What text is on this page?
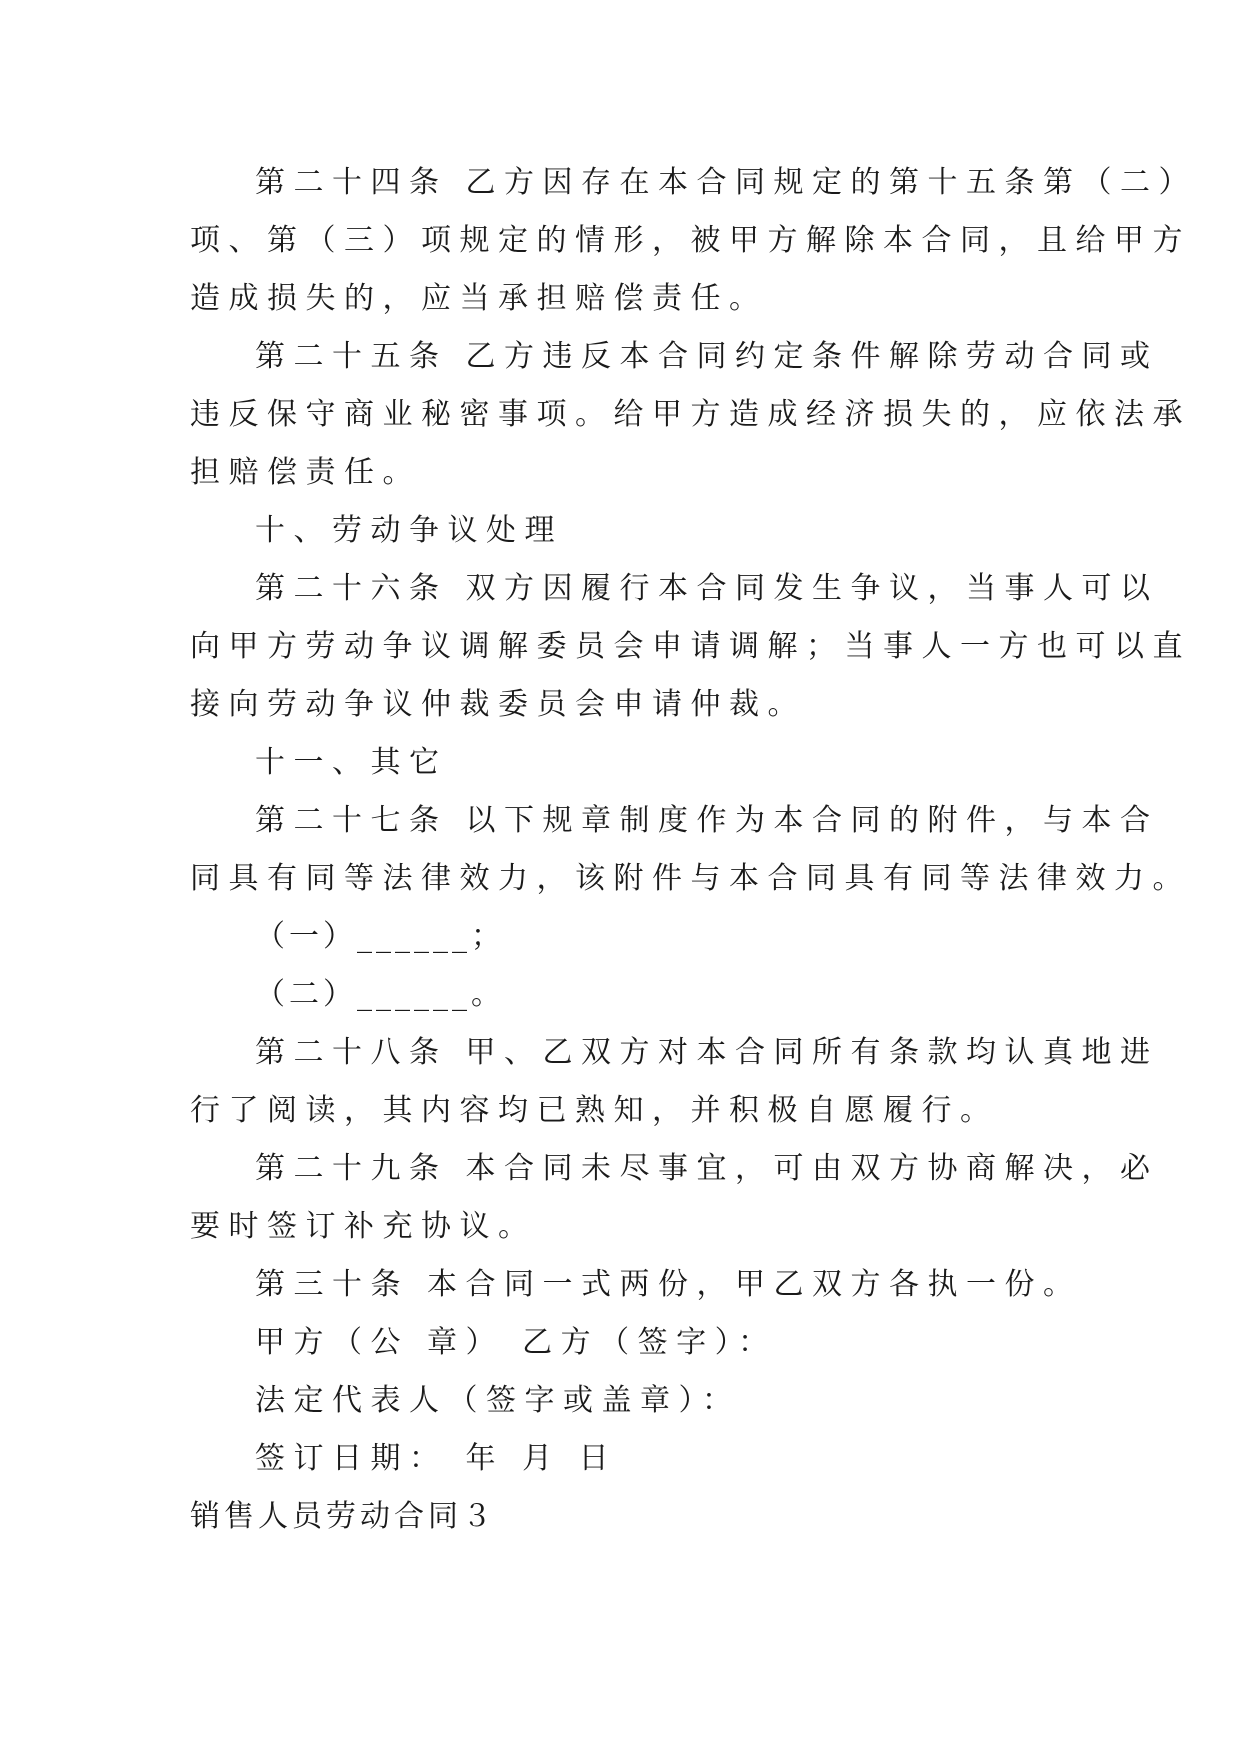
第二十四条 乙方因存在本合同规定的第十五条第（二）
项、第（三）项规定的情形，被甲方解除本合同，且给甲方
造成损失的，应当承担赔偿责任。
第二十五条 乙方违反本合同约定条件解除劳动合同或
违反保守商业秘密事项。给甲方造成经济损失的，应依法承
担赔偿责任。
十、劳动争议处理
第二十六条 双方因履行本合同发生争议，当事人可以
向甲方劳动争议调解委员会申请调解；当事人一方也可以直
接向劳动争议仲裁委员会申请仲裁。
十一、其它
第二十七条 以下规章制度作为本合同的附件，与本合
同具有同等法律效力，该附件与本合同具有同等法律效力。
（一）______；
（二）______。
第二十八条 甲、乙双方对本合同所有条款均认真地进
行了阅读，其内容均已熟知，并积极自愿履行。
第二十九条 本合同未尽事宜，可由双方协商解决，必
要时签订补充协议。
第三十条 本合同一式两份，甲乙双方各执一份。
甲方（公 章） 乙方（签字）：
法定代表人（签字或盖章）：
签订日期： 年 月 日
销售人员劳动合同３
